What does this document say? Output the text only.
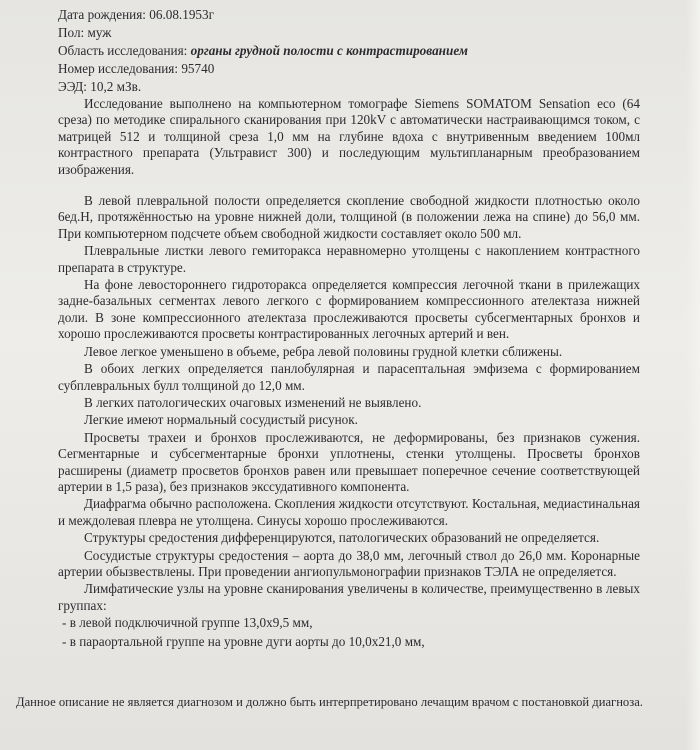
Дата рождения: 06.08.1953г
Пол: муж
Область исследования: органы грудной полости с контрастированием
Номер исследования: 95740
ЭЭД: 10,2 мЗв.

Исследование выполнено на компьютерном томографе Siemens SOMATOM Sensation eco (64 среза) по методике спирального сканирования при 120kV с автоматически настраивающимся током, с матрицей 512 и толщиной среза 1,0 мм на глубине вдоха с внутривенным введением 100мл контрастного препарата (Ультравист 300) и последующим мультипланарным преобразованием изображения.

В левой плевральной полости определяется скопление свободной жидкости плотностью около 6ед.Н, протяжённостью на уровне нижней доли, толщиной (в положении лежа на спине) до 56,0 мм. При компьютерном подсчете объем свободной жидкости составляет около 500 мл.

Плевральные листки левого гемиторакса неравномерно утолщены с накоплением контрастного препарата в структуре.

На фоне левостороннего гидроторакса определяется компрессия легочной ткани в прилежащих задне-базальных сегментах левого легкого с формированием компрессионного ателектаза нижней доли. В зоне компрессионного ателектаза прослеживаются просветы субсегментарных бронхов и хорошо прослеживаются просветы контрастированных легочных артерий и вен.

Левое легкое уменьшено в объеме, ребра левой половины грудной клетки сближены.

В обоих легких определяется панлобулярная и парасептальная эмфизема с формированием субплевральных булл толщиной до 12,0 мм.

В легких патологических очаговых изменений не выявлено.

Легкие имеют нормальный сосудистый рисунок.

Просветы трахеи и бронхов прослеживаются, не деформированы, без признаков сужения. Сегментарные и субсегментарные бронхи уплотнены, стенки утолщены. Просветы бронхов расширены (диаметр просветов бронхов равен или превышает поперечное сечение соответствующей артерии в 1,5 раза), без признаков экссудативного компонента.

Диафрагма обычно расположена. Скопления жидкости отсутствуют. Костальная, медиастинальная и междолевая плевра не утолщена. Синусы хорошо прослеживаются.

Структуры средостения дифференцируются, патологических образований не определяется.

Сосудистые структуры средостения – аорта до 38,0 мм, легочный ствол до 26,0 мм. Коронарные артерии обызвествлены. При проведении ангиопульмонографии признаков ТЭЛА не определяется.

Лимфатические узлы на уровне сканирования увеличены в количестве, преимущественно в левых группах:

- в левой подключичной группе 13,0х9,5 мм,
- в параортальной группе на уровне дуги аорты до 10,0х21,0 мм,
Данное описание не является диагнозом и должно быть интерпретировано лечащим врачом с постановкой диагноза.
